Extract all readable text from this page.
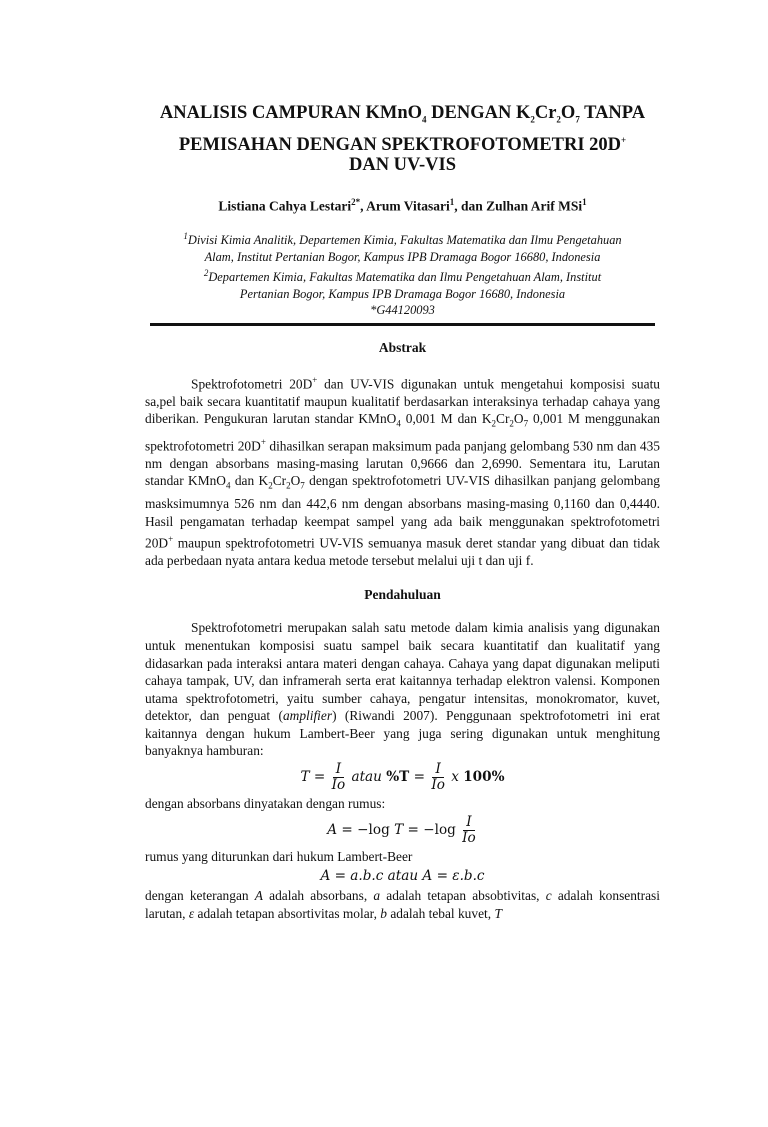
ANALISIS CAMPURAN KMnO$_4$ DENGAN $K_2Cr_2O_7$ TANPA
PEMISAHAN DENGAN SPEKTROFOTOMETRI 20D+
DAN UV-VIS
Listiana Cahya Lestari$^{2*}$, Arum Vitasari$^1$, dan Zulhan Arif MSi$^1$
$^1$Divisi Kimia Analitik, Departemen Kimia, Fakultas Matematika dan Ilmu Pengetahuan
Alam, Institut Pertanian Bogor, Kampus IPB Dramaga Bogor 16680, Indonesia
$^2$Departemen Kimia, Fakultas Matematika dan Ilmu Pengetahuan Alam, Institut
Pertanian Bogor, Kampus IPB Dramaga Bogor 16680, Indonesia
*G44120093
Abstrak

Spektrofotometri 20D+ dan UV-VIS digunakan untuk mengetahui komposisi suatu sa,pel baik secara kuantitatif maupun kualitatif berdasarkan interaksinya terhadap cahaya yang diberikan. Pengukuran larutan standar KMnO$_4$ 0,001 M dan $K_2Cr_2O_7$ 0,001 M menggunakan spektrofotometri 20D+ dihasilkan serapan maksimum pada panjang gelombang 530 nm dan 435 nm dengan absorbans masing-masing larutan 0,9666 dan 2,6990. Sementara itu, Larutan standar KMnO$_4$ dan $K_2Cr_2O_7$ dengan spektrofotometri UV-VIS dihasilkan panjang gelombang masksimumnya 526 nm dan 442,6 nm dengan absorbans masing-masing 0,1160 dan 0,4440. Hasil pengamatan terhadap keempat sampel yang ada baik menggunakan spektrofotometri 20D+ maupun spektrofotometri UV-VIS semuanya masuk deret standar yang dibuat dan tidak ada perbedaan nyata antara kedua metode tersebut melalui uji t dan uji f.

Pendahuluan

Spektrofotometri merupakan salah satu metode dalam kimia analisis yang digunakan untuk menentukan komposisi suatu sampel baik secara kuantitatif dan kualitatif yang didasarkan pada interaksi antara materi dengan cahaya. Cahaya yang dapat digunakan meliputi cahaya tampak, UV, dan inframerah serta erat kaitannya terhadap elektron valensi. Komponen utama spektrofotometri, yaitu sumber cahaya, pengatur intensitas, monokromator, kuvet, detektor, dan penguat (amplifier) (Riwandi 2007). Penggunaan spektrofotometri ini erat kaitannya dengan hukum Lambert-Beer yang juga sering digunakan untuk menghitung banyaknya hamburan:

$T = \frac{I}{Io}$ atau $\%T = \frac{I}{Io}$ x 100%

dengan absorbans dinyatakan dengan rumus:

A = −log $T = -\log \frac{I}{Io}$

rumus yang diturunkan dari hukum Lambert-Beer

A = a.b.c atau A = ε.b.c

dengan keterangan A adalah absorbans, a adalah tetapan absobtivitas, c adalah konsentrasi larutan, ε adalah tetapan absortivitas molar, b adalah tebal kuvet, T
